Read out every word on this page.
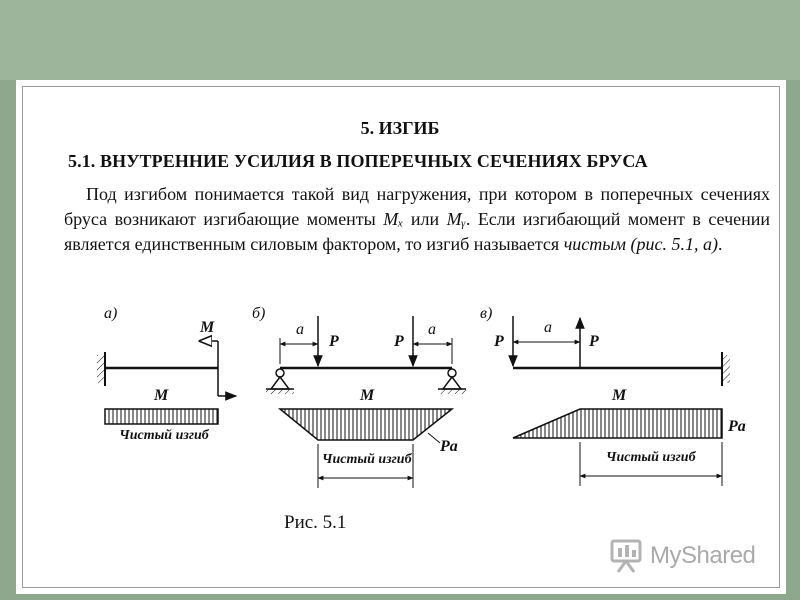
5. ИЗГИБ
5.1. ВНУТРЕННИЕ УСИЛИЯ В ПОПЕРЕЧНЫХ СЕЧЕНИЯХ БРУСА
Под изгибом понимается такой вид нагружения, при котором в поперечных сечениях бруса возникают изгибающие моменты Mₓ или Mᵧ. Если изгибающий момент в сечении является единственным силовым фактором, то изгиб называется чистым (рис. 5.1, а).
а)
M
M
Чистый изгиб
б)
a	a
P	P
M
Pa
Чистый изгиб
в)
a
P	P
M
Pa
Чистый изгиб
Рис. 5.1
MyShared
